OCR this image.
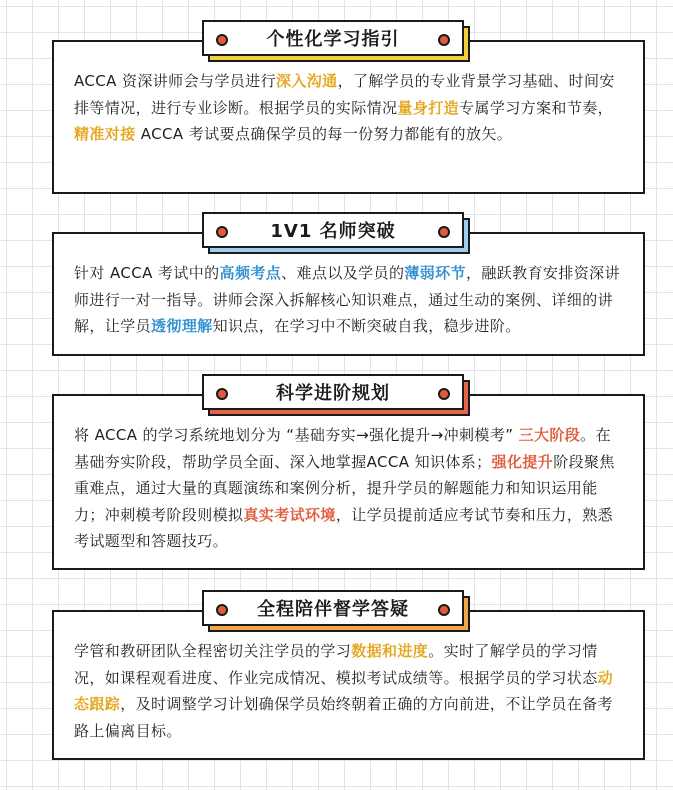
ACCA 资深讲师会与学员进行深入沟通，了解学员的专业背景学习基础、时间安排等情况，进行专业诊断。根据学员的实际情况量身打造专属学习方案和节奏，精准对接 ACCA 考试要点确保学员的每一份努力都能有的放矢。

个性化学习指引

针对 ACCA 考试中的高频考点、难点以及学员的薄弱环节，融跃教育安排资深讲师进行一对一指导。讲师会深入拆解核心知识难点，通过生动的案例、详细的讲解，让学员透彻理解知识点，在学习中不断突破自我，稳步进阶。

1V1 名师突破

将 ACCA 的学习系统地划分为 “基础夯实→强化提升→冲刺模考” 三大阶段。在基础夯实阶段，帮助学员全面、深入地掌握ACCA 知识体系；强化提升阶段聚焦重难点，通过大量的真题演练和案例分析，提升学员的解题能力和知识运用能力；冲刺模考阶段则模拟真实考试环境，让学员提前适应考试节奏和压力，熟悉考试题型和答题技巧。

科学进阶规划

学管和教研团队全程密切关注学员的学习数据和进度。实时了解学员的学习情况，如课程观看进度、作业完成情况、模拟考试成绩等。根据学员的学习状态动态跟踪，及时调整学习计划确保学员始终朝着正确的方向前进，不让学员在备考路上偏离目标。

全程陪伴督学答疑
